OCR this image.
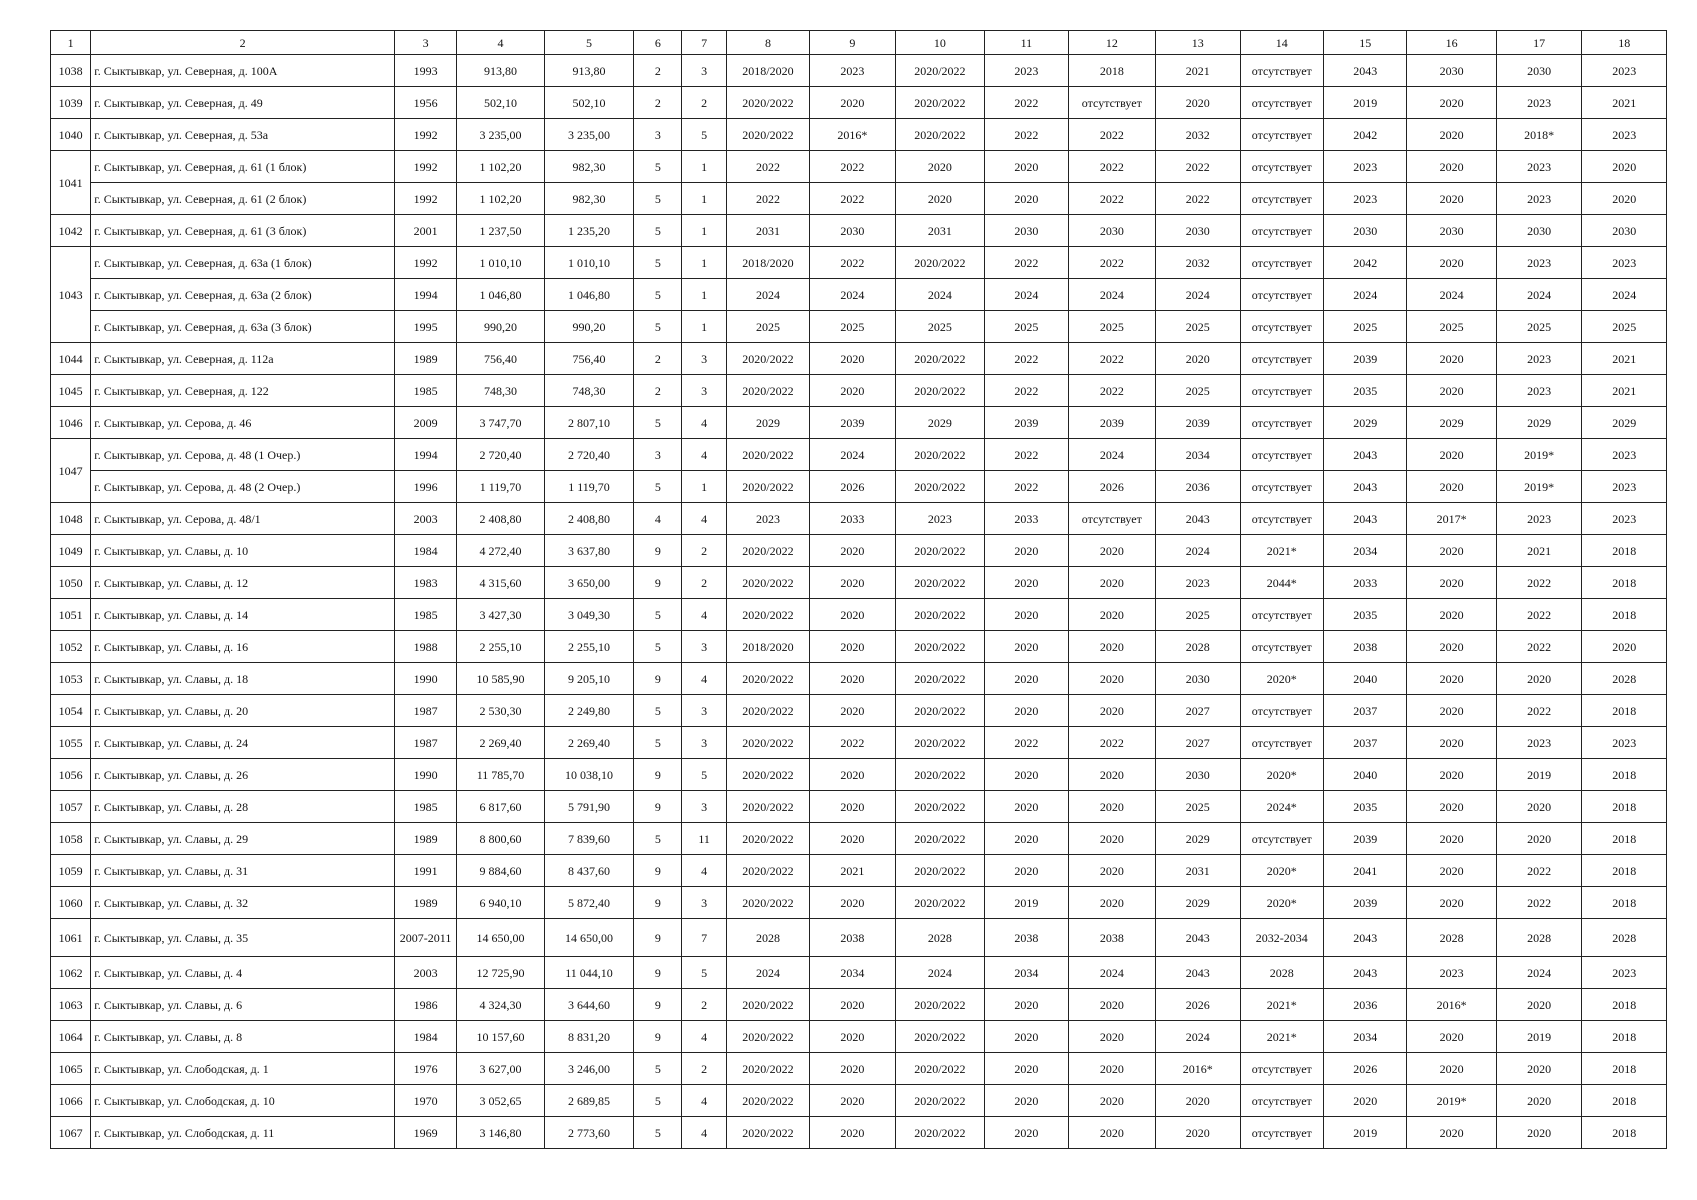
1	2	3	4	5	6	7	8	9	10	11	12	13	14	15	16	17	18
1038	г. Сыктывкар, ул. Северная, д. 100А	1993	913,80	913,80	2	3	2018/2020	2023	2020/2022	2023	2018	2021	отсутствует	2043	2030	2030	2023
1039	г. Сыктывкар, ул. Северная, д. 49	1956	502,10	502,10	2	2	2020/2022	2020	2020/2022	2022	отсутствует	2020	отсутствует	2019	2020	2023	2021
1040	г. Сыктывкар, ул. Северная, д. 53а	1992	3 235,00	3 235,00	3	5	2020/2022	2016*	2020/2022	2022	2022	2032	отсутствует	2042	2020	2018*	2023
1041	г. Сыктывкар, ул. Северная, д. 61 (1 блок)	1992	1 102,20	982,30	5	1	2022	2022	2020	2020	2022	2022	отсутствует	2023	2020	2023	2020
	г. Сыктывкар, ул. Северная, д. 61 (2 блок)	1992	1 102,20	982,30	5	1	2022	2022	2020	2020	2022	2022	отсутствует	2023	2020	2023	2020
1042	г. Сыктывкар, ул. Северная, д. 61 (3 блок)	2001	1 237,50	1 235,20	5	1	2031	2030	2031	2030	2030	2030	отсутствует	2030	2030	2030	2030
1043	г. Сыктывкар, ул. Северная, д. 63а (1 блок)	1992	1 010,10	1 010,10	5	1	2018/2020	2022	2020/2022	2022	2022	2032	отсутствует	2042	2020	2023	2023
	г. Сыктывкар, ул. Северная, д. 63а (2 блок)	1994	1 046,80	1 046,80	5	1	2024	2024	2024	2024	2024	2024	отсутствует	2024	2024	2024	2024
	г. Сыктывкар, ул. Северная, д. 63а (3 блок)	1995	990,20	990,20	5	1	2025	2025	2025	2025	2025	2025	отсутствует	2025	2025	2025	2025
1044	г. Сыктывкар, ул. Северная, д. 112а	1989	756,40	756,40	2	3	2020/2022	2020	2020/2022	2022	2022	2020	отсутствует	2039	2020	2023	2021
1045	г. Сыктывкар, ул. Северная, д. 122	1985	748,30	748,30	2	3	2020/2022	2020	2020/2022	2022	2022	2025	отсутствует	2035	2020	2023	2021
1046	г. Сыктывкар, ул. Серова, д. 46	2009	3 747,70	2 807,10	5	4	2029	2039	2029	2039	2039	2039	отсутствует	2029	2029	2029	2029
1047	г. Сыктывкар, ул. Серова, д. 48 (1 Очер.)	1994	2 720,40	2 720,40	3	4	2020/2022	2024	2020/2022	2022	2024	2034	отсутствует	2043	2020	2019*	2023
	г. Сыктывкар, ул. Серова, д. 48 (2 Очер.)	1996	1 119,70	1 119,70	5	1	2020/2022	2026	2020/2022	2022	2026	2036	отсутствует	2043	2020	2019*	2023
1048	г. Сыктывкар, ул. Серова, д. 48/1	2003	2 408,80	2 408,80	4	4	2023	2033	2023	2033	отсутствует	2043	отсутствует	2043	2017*	2023	2023
1049	г. Сыктывкар, ул. Славы, д. 10	1984	4 272,40	3 637,80	9	2	2020/2022	2020	2020/2022	2020	2020	2024	2021*	2034	2020	2021	2018
1050	г. Сыктывкар, ул. Славы, д. 12	1983	4 315,60	3 650,00	9	2	2020/2022	2020	2020/2022	2020	2020	2023	2044*	2033	2020	2022	2018
1051	г. Сыктывкар, ул. Славы, д. 14	1985	3 427,30	3 049,30	5	4	2020/2022	2020	2020/2022	2020	2020	2025	отсутствует	2035	2020	2022	2018
1052	г. Сыктывкар, ул. Славы, д. 16	1988	2 255,10	2 255,10	5	3	2018/2020	2020	2020/2022	2020	2020	2028	отсутствует	2038	2020	2022	2020
1053	г. Сыктывкар, ул. Славы, д. 18	1990	10 585,90	9 205,10	9	4	2020/2022	2020	2020/2022	2020	2020	2030	2020*	2040	2020	2020	2028
1054	г. Сыктывкар, ул. Славы, д. 20	1987	2 530,30	2 249,80	5	3	2020/2022	2020	2020/2022	2020	2020	2027	отсутствует	2037	2020	2022	2018
1055	г. Сыктывкар, ул. Славы, д. 24	1987	2 269,40	2 269,40	5	3	2020/2022	2022	2020/2022	2022	2022	2027	отсутствует	2037	2020	2023	2023
1056	г. Сыктывкар, ул. Славы, д. 26	1990	11 785,70	10 038,10	9	5	2020/2022	2020	2020/2022	2020	2020	2030	2020*	2040	2020	2019	2018
1057	г. Сыктывкар, ул. Славы, д. 28	1985	6 817,60	5 791,90	9	3	2020/2022	2020	2020/2022	2020	2020	2025	2024*	2035	2020	2020	2018
1058	г. Сыктывкар, ул. Славы, д. 29	1989	8 800,60	7 839,60	5	11	2020/2022	2020	2020/2022	2020	2020	2029	отсутствует	2039	2020	2020	2018
1059	г. Сыктывкар, ул. Славы, д. 31	1991	9 884,60	8 437,60	9	4	2020/2022	2021	2020/2022	2020	2020	2031	2020*	2041	2020	2022	2018
1060	г. Сыктывкар, ул. Славы, д. 32	1989	6 940,10	5 872,40	9	3	2020/2022	2020	2020/2022	2019	2020	2029	2020*	2039	2020	2022	2018
1061	г. Сыктывкар, ул. Славы, д. 35	2007-2011	14 650,00	14 650,00	9	7	2028	2038	2028	2038	2038	2043	2032-2034	2043	2028	2028	2028
1062	г. Сыктывкар, ул. Славы, д. 4	2003	12 725,90	11 044,10	9	5	2024	2034	2024	2034	2024	2043	2028	2043	2023	2024	2023
1063	г. Сыктывкар, ул. Славы, д. 6	1986	4 324,30	3 644,60	9	2	2020/2022	2020	2020/2022	2020	2020	2026	2021*	2036	2016*	2020	2018
1064	г. Сыктывкар, ул. Славы, д. 8	1984	10 157,60	8 831,20	9	4	2020/2022	2020	2020/2022	2020	2020	2024	2021*	2034	2020	2019	2018
1065	г. Сыктывкар, ул. Слободская, д. 1	1976	3 627,00	3 246,00	5	2	2020/2022	2020	2020/2022	2020	2020	2016*	отсутствует	2026	2020	2020	2018
1066	г. Сыктывкар, ул. Слободская, д. 10	1970	3 052,65	2 689,85	5	4	2020/2022	2020	2020/2022	2020	2020	2020	отсутствует	2020	2019*	2020	2018
1067	г. Сыктывкар, ул. Слободская, д. 11	1969	3 146,80	2 773,60	5	4	2020/2022	2020	2020/2022	2020	2020	2020	отсутствует	2019	2020	2020	2018
